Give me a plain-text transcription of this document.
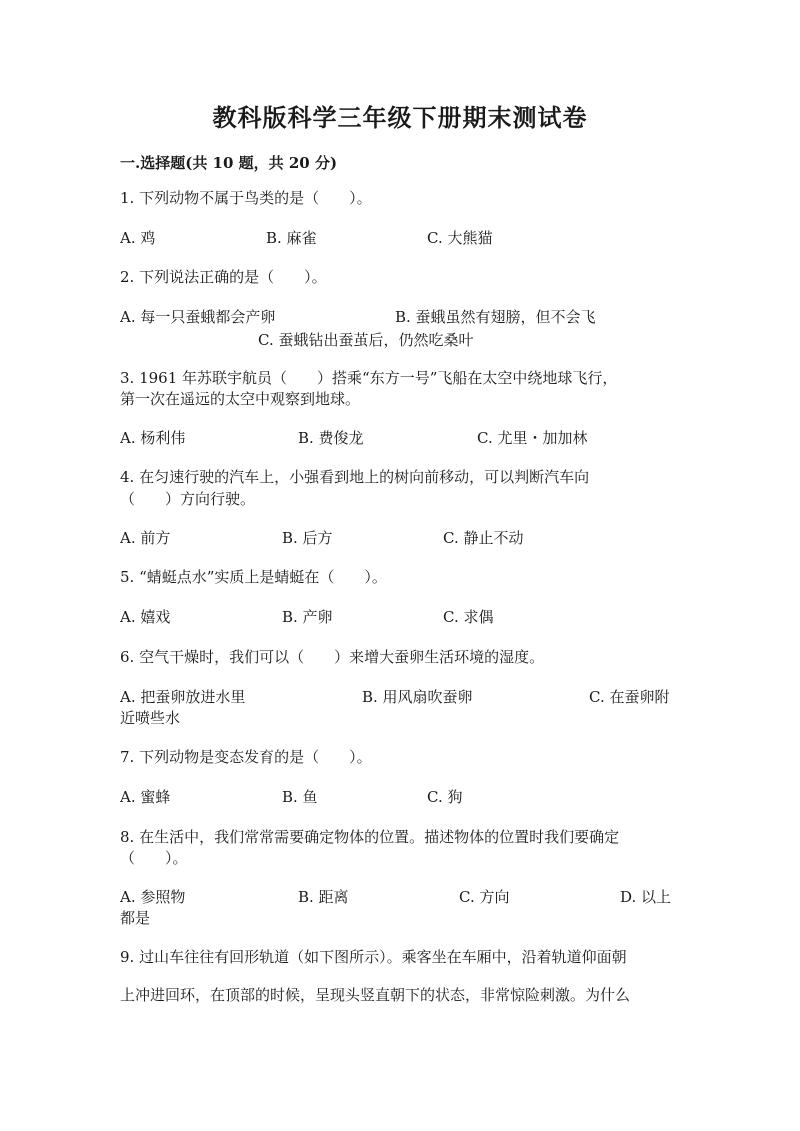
教科版科学三年级下册期末测试卷
一.选择题(共 10 题，共 20 分)
1. 下列动物不属于鸟类的是（　　）。
A. 鸡	B. 麻雀	C. 大熊猫
2. 下列说法正确的是（　　）。
A. 每一只蚕蛾都会产卵	B. 蚕蛾虽然有翅膀，但不会飞
C. 蚕蛾钻出蚕茧后，仍然吃桑叶
3. 1961 年苏联宇航员（　　）搭乘“东方一号”飞船在太空中绕地球飞行，
第一次在遥远的太空中观察到地球。
A. 杨利伟	B. 费俊龙	C. 尤里・加加林
4. 在匀速行驶的汽车上，小强看到地上的树向前移动，可以判断汽车向
（　　）方向行驶。
A. 前方	B. 后方	C. 静止不动
5. “蜻蜓点水”实质上是蜻蜓在（　　）。
A. 嬉戏	B. 产卵	C. 求偶
6. 空气干燥时，我们可以（　　）来增大蚕卵生活环境的湿度。
A. 把蚕卵放进水里	B. 用风扇吹蚕卵	C. 在蚕卵附
近喷些水
7. 下列动物是变态发育的是（　　）。
A. 蜜蜂	B. 鱼	C. 狗
8. 在生活中，我们常常需要确定物体的位置。描述物体的位置时我们要确定
（　　）。
A. 参照物	B. 距离	C. 方向	D. 以上
都是
9. 过山车往往有回形轨道（如下图所示）。乘客坐在车厢中，沿着轨道仰面朝
上冲进回环，在顶部的时候，呈现头竖直朝下的状态，非常惊险刺激。为什么
